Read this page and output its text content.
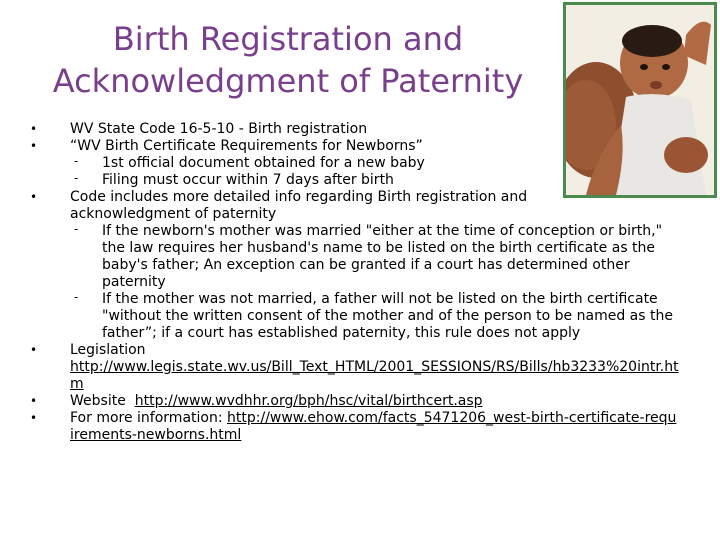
Birth Registration and
Acknowledgment of Paternity
• WV State Code 16-5-10 - Birth registration
• “WV Birth Certificate Requirements for Newborns”
- 1st official document obtained for a new baby
- Filing must occur within 7 days after birth
• Code includes more detailed info regarding Birth registration and acknowledgment of paternity
- If the newborn's mother was married "either at the time of conception or birth," the law requires her husband's name to be listed on the birth certificate as the baby's father; An exception can be granted if a court has determined other paternity
- If the mother was not married, a father will not be listed on the birth certificate "without the written consent of the mother and of the person to be named as the father”; if a court has established paternity, this rule does not apply
• Legislation
http://www.legis.state.wv.us/Bill_Text_HTML/2001_SESSIONS/RS/Bills/hb3233%20intr.htm
• Website http://www.wvdhhr.org/bph/hsc/vital/birthcert.asp
• For more information: http://www.ehow.com/facts_5471206_west-birth-certificate-requirements-newborns.html
